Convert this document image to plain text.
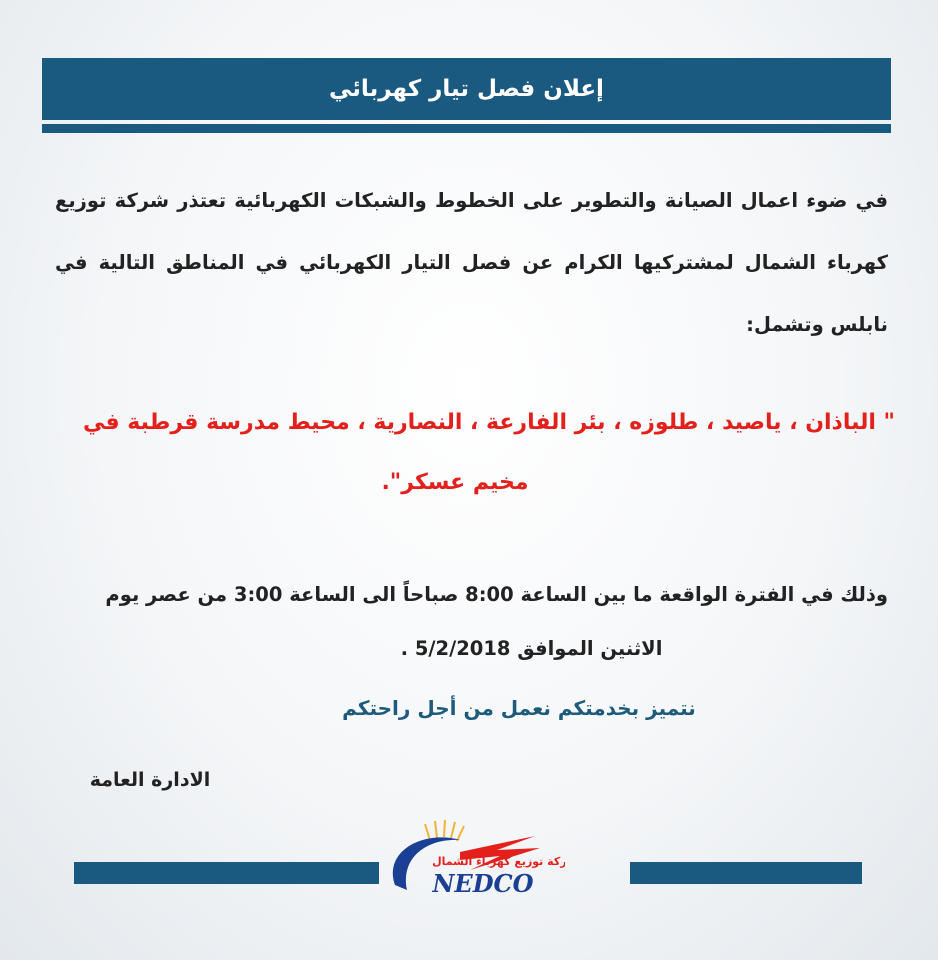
إعلان فصل تيار كهربائي
في ضوء اعمال الصيانة والتطوير على الخطوط والشبكات الكهربائية تعتذر شركة توزيع كهرباء الشمال لمشتركيها الكرام عن فصل التيار الكهربائي في المناطق التالية في نابلس وتشمل:
" الباذان ، ياصيد ، طلوزه ، بئر الفارعة ، النصارية ، محيط مدرسة قرطبة في
مخيم عسكر".
وذلك في الفترة الواقعة ما بين الساعة 8:00 صباحاً الى الساعة 3:00 من عصر يوم
الاثنين الموافق 5/2/2018 .
نتميز بخدمتكم نعمل من أجل راحتكم
الادارة العامة
شركة توزيع كهرباء الشمال
NEDCO
